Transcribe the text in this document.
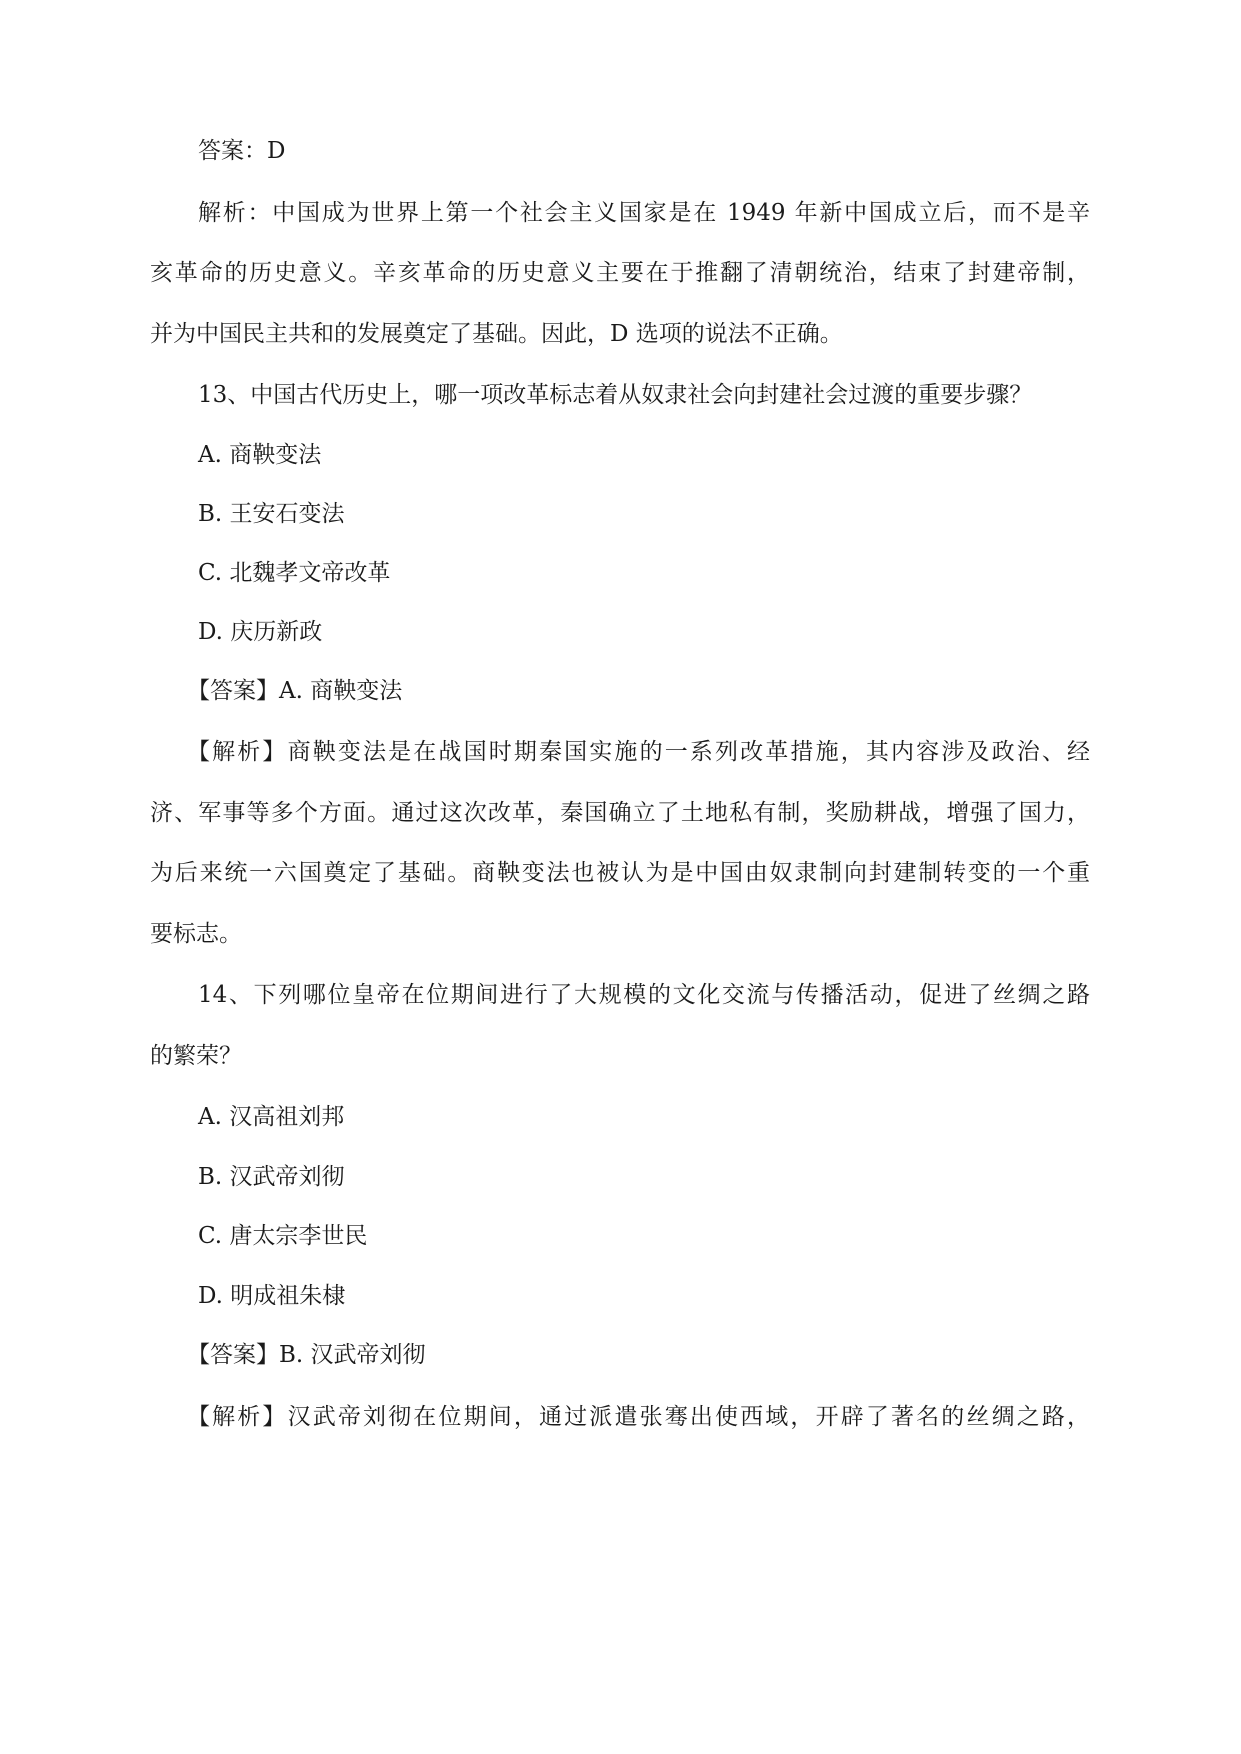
答案：D
解析：中国成为世界上第一个社会主义国家是在 1949 年新中国成立后，而不是辛
亥革命的历史意义。辛亥革命的历史意义主要在于推翻了清朝统治，结束了封建帝制，
并为中国民主共和的发展奠定了基础。因此，D 选项的说法不正确。
13、中国古代历史上，哪一项改革标志着从奴隶社会向封建社会过渡的重要步骤？
A. 商鞅变法
B. 王安石变法
C. 北魏孝文帝改革
D. 庆历新政
【答案】A. 商鞅变法
【解析】商鞅变法是在战国时期秦国实施的一系列改革措施，其内容涉及政治、经
济、军事等多个方面。通过这次改革，秦国确立了土地私有制，奖励耕战，增强了国力，
为后来统一六国奠定了基础。商鞅变法也被认为是中国由奴隶制向封建制转变的一个重
要标志。
14、下列哪位皇帝在位期间进行了大规模的文化交流与传播活动，促进了丝绸之路
的繁荣？
A. 汉高祖刘邦
B. 汉武帝刘彻
C. 唐太宗李世民
D. 明成祖朱棣
【答案】B. 汉武帝刘彻
【解析】汉武帝刘彻在位期间，通过派遣张骞出使西域，开辟了著名的丝绸之路，
